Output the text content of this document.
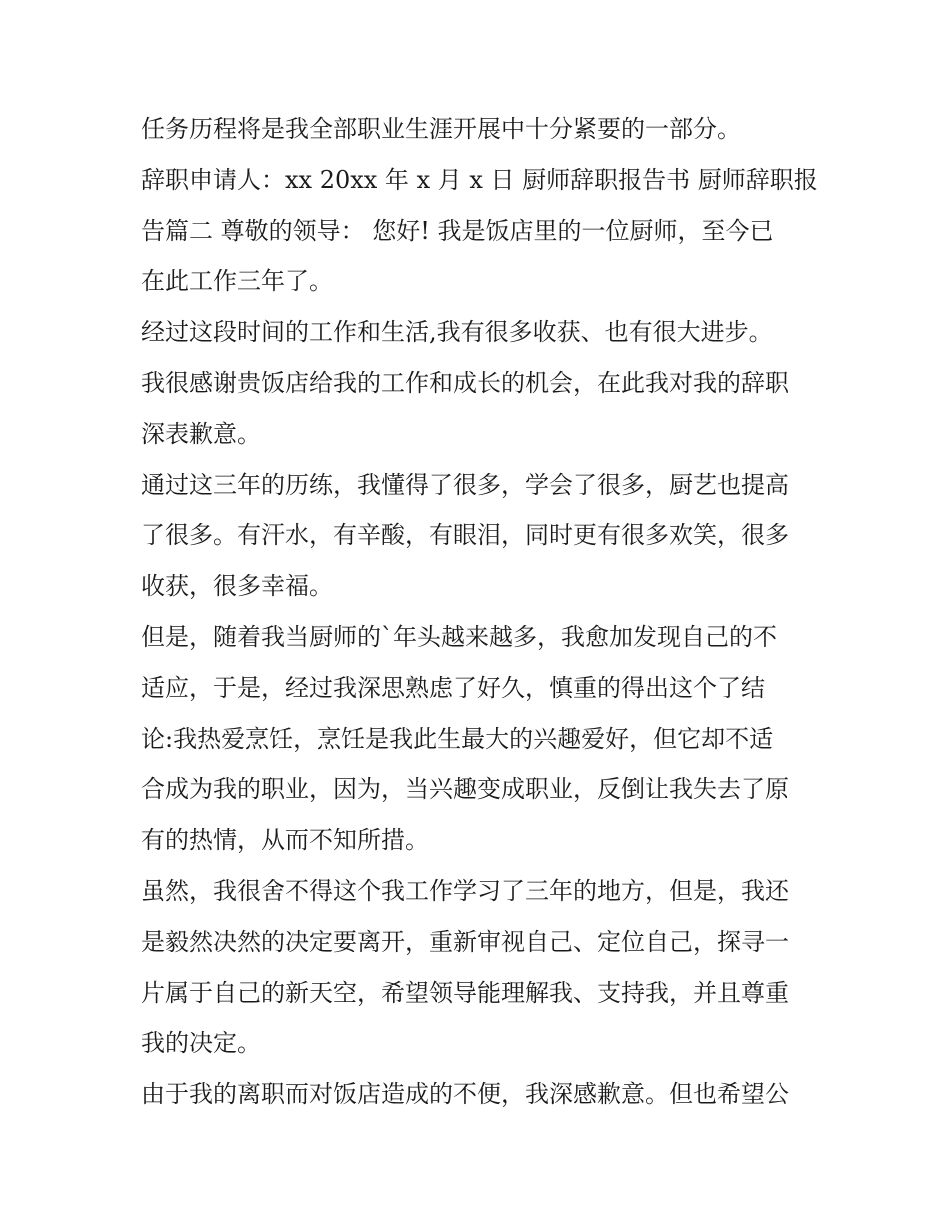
任务历程将是我全部职业生涯开展中十分紧要的一部分。
辞职申请人：xx 20xx 年 x 月 x 日 厨师辞职报告书 厨师辞职报
告篇二 尊敬的领导： 您好! 我是饭店里的一位厨师，至今已
在此工作三年了。
经过这段时间的工作和生活,我有很多收获、也有很大进步。
我很感谢贵饭店给我的工作和成长的机会，在此我对我的辞职
深表歉意。
通过这三年的历练，我懂得了很多，学会了很多，厨艺也提高
了很多。有汗水，有辛酸，有眼泪，同时更有很多欢笑，很多
收获，很多幸福。
但是，随着我当厨师的`年头越来越多，我愈加发现自己的不
适应，于是，经过我深思熟虑了好久，慎重的得出这个了结
论:我热爱烹饪，烹饪是我此生最大的兴趣爱好，但它却不适
合成为我的职业，因为，当兴趣变成职业，反倒让我失去了原
有的热情，从而不知所措。
虽然，我很舍不得这个我工作学习了三年的地方，但是，我还
是毅然决然的决定要离开，重新审视自己、定位自己，探寻一
片属于自己的新天空，希望领导能理解我、支持我，并且尊重
我的决定。
由于我的离职而对饭店造成的不便，我深感歉意。但也希望公
